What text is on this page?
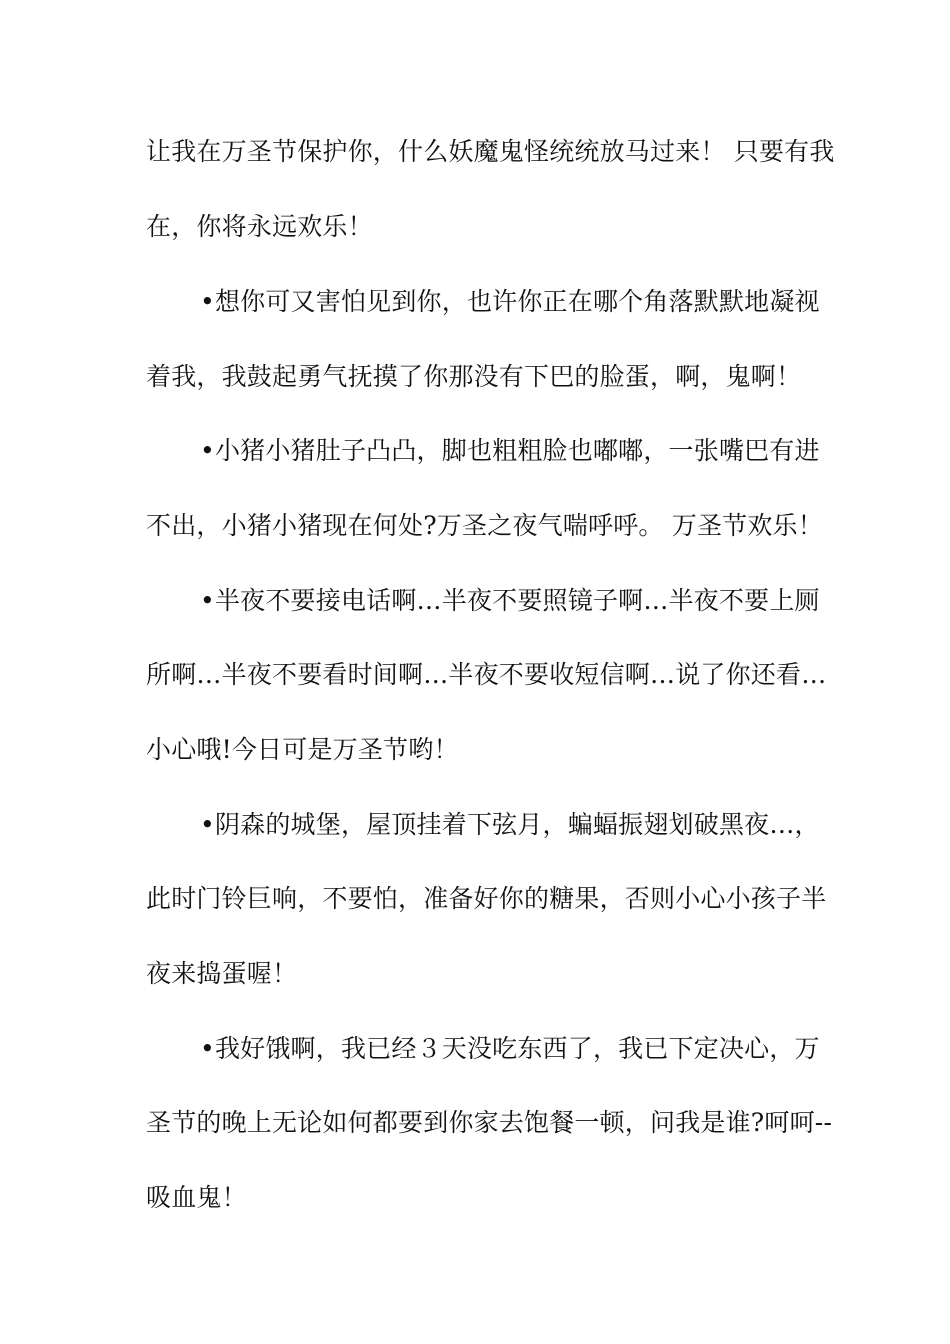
让我在万圣节保护你，什么妖魔鬼怪统统放马过来！ 只要有我
在，你将永远欢乐！
•想你可又害怕见到你，也许你正在哪个角落默默地凝视
着我，我鼓起勇气抚摸了你那没有下巴的脸蛋，啊，鬼啊！
•小猪小猪肚子凸凸，脚也粗粗脸也嘟嘟，一张嘴巴有进
不出，小猪小猪现在何处?万圣之夜气喘呼呼。 万圣节欢乐！
•半夜不要接电话啊…半夜不要照镜子啊…半夜不要上厕
所啊…半夜不要看时间啊…半夜不要收短信啊…说了你还看…
小心哦!今日可是万圣节哟！
•阴森的城堡，屋顶挂着下弦月，蝙蝠振翅划破黑夜…，
此时门铃巨响，不要怕，准备好你的糖果，否则小心小孩子半
夜来捣蛋喔！
•我好饿啊，我已经３天没吃东西了，我已下定决心，万
圣节的晚上无论如何都要到你家去饱餐一顿，问我是谁?呵呵--
吸血鬼！
